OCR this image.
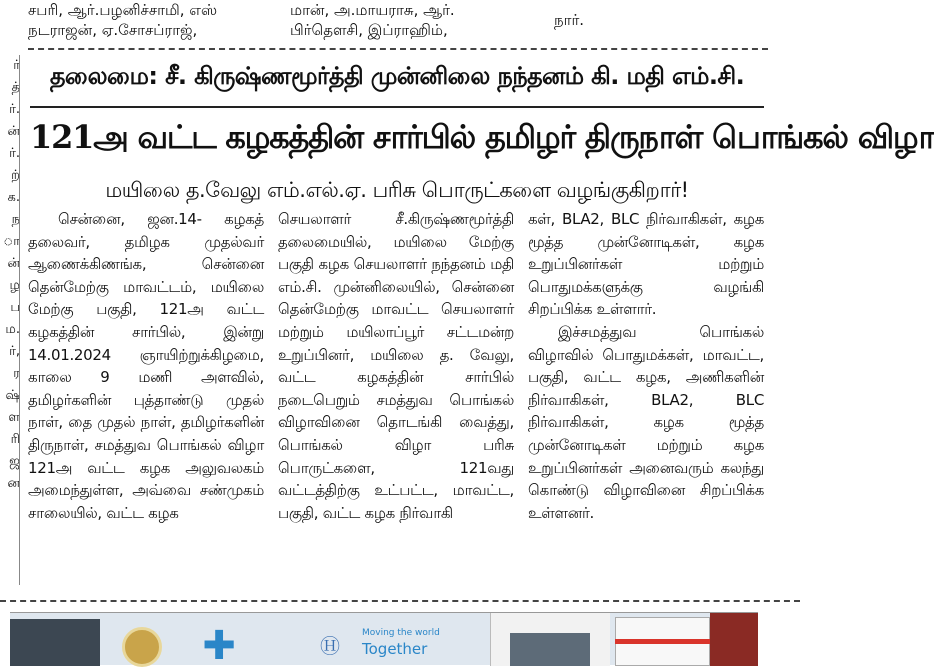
சபரி, ஆர்.பழனிச்சாமி, எஸ்
நடராஜன், ஏ.சோசப்ராஜ்,
மான், அ.மாயராசு, ஆர்.
பிர்தௌசி, இப்ராஹிம்,
நார்.
ர்
த்
ர்.
ன்
ர்.
ற்
க.
ந
ா
ன்
ழ
ப
ம.
ர்,
ர
ஷ்
ள
ரி
ஜ
ன
தலைமை: சீ. கிருஷ்ணமூர்த்தி முன்னிலை நந்தனம் கி. மதி எம்.சி.
121அ வட்ட கழகத்தின் சார்பில் தமிழர் திருநாள் பொங்கல் விழா
மயிலை த.வேலு எம்.எல்.ஏ. பரிசு பொருட்களை வழங்குகிறார்!

சென்னை, ஜன.14- கழகத் தலைவர், தமிழக முதல்வர் ஆணைக்கிணங்க, சென்னை தென்மேற்கு மாவட்டம், மயிலை மேற்கு பகுதி, 121அ வட்ட கழகத்தின் சார்பில், இன்று 14.01.2024 ஞாயிற்றுக்கிழமை, காலை 9 மணி அளவில், தமிழர்களின் புத்தாண்டு முதல் நாள், தை முதல் நாள், தமிழர்களின் திருநாள், சமத்துவ பொங்கல் விழா 121அ வட்ட கழக அலுவலகம் அமைந்துள்ள, அவ்வை சண்முகம் சாலையில், வட்ட கழக

செயலாளர் சீ.கிருஷ்ணமூர்த்தி தலைமையில், மயிலை மேற்கு பகுதி கழக செயலாளர் நந்தனம் மதி எம்.சி. முன்னிலையில், சென்னை தென்மேற்கு மாவட்ட செயலாளர் மற்றும் மயிலாப்பூர் சட்டமன்ற உறுப்பினர், மயிலை த. வேலு, வட்ட கழகத்தின் சார்பில் நடைபெறும் சமத்துவ பொங்கல் விழாவினை தொடங்கி வைத்து, பொங்கல் விழா பரிசு பொருட்களை, 121வது வட்டத்திற்கு உட்பட்ட, மாவட்ட, பகுதி, வட்ட கழக நிர்வாகி

கள், BLA2, BLC நிர்வாகிகள், கழக மூத்த முன்னோடிகள், கழக உறுப்பினர்கள் மற்றும் பொதுமக்களுக்கு வழங்கி சிறப்பிக்க உள்ளார்.

இச்சமத்துவ பொங்கல் விழாவில் பொதுமக்கள், மாவட்ட, பகுதி, வட்ட கழக, அணிகளின் நிர்வாகிகள், BLA2, BLC நிர்வாகிகள், கழக மூத்த முன்னோடிகள் மற்றும் கழக உறுப்பினர்கள் அனைவரும் கலந்து கொண்டு விழாவினை சிறப்பிக்க உள்ளனர்.

✚	Ⓗ
Moving the world
Together
